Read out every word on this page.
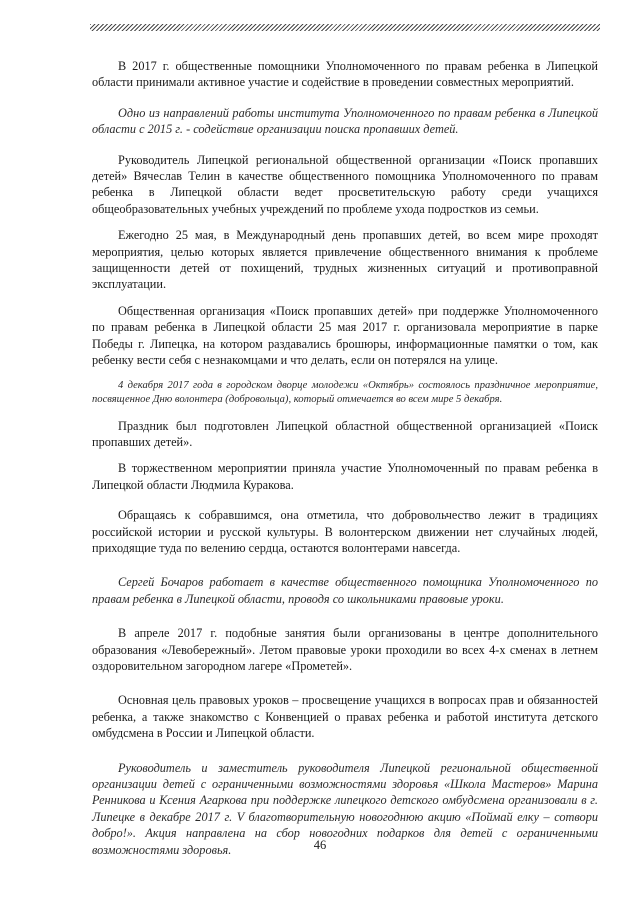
В 2017 г. общественные помощники Уполномоченного по правам ребенка в Липецкой области принимали активное участие и содействие в проведении совместных мероприятий.

Одно из направлений работы института Уполномоченного по правам ребенка в Липецкой области с 2015 г. - содействие организации поиска пропавших детей.

Руководитель Липецкой региональной общественной организации «Поиск пропавших детей» Вячеслав Телин в качестве общественного помощника Уполномоченного по правам ребенка в Липецкой области ведет просветительскую работу среди учащихся общеобразовательных учебных учреждений по проблеме ухода подростков из семьи.

Ежегодно 25 мая, в Международный день пропавших детей, во всем мире проходят мероприятия, целью которых является привлечение общественного внимания к проблеме защищенности детей от похищений, трудных жизненных ситуаций и противоправной эксплуатации.

Общественная организация «Поиск пропавших детей» при поддержке Уполномоченного по правам ребенка в Липецкой области 25 мая 2017 г. организовала мероприятие в парке Победы г. Липецка, на котором раздавались брошюры, информационные памятки о том, как ребенку вести себя с незнакомцами и что делать, если он потерялся на улице.

4 декабря 2017 года в городском дворце молодежи «Октябрь» состоялось праздничное мероприятие, посвященное Дню волонтера (добровольца), который отмечается во всем мире 5 декабря.

Праздник был подготовлен Липецкой областной общественной организацией «Поиск пропавших детей».

В торжественном мероприятии приняла участие Уполномоченный по правам ребенка в Липецкой области Людмила Куракова.

Обращаясь к собравшимся, она отметила, что добровольчество лежит в традициях российской истории и русской культуры. В волонтерском движении нет случайных людей, приходящие туда по велению сердца, остаются волонтерами навсегда.

Сергей Бочаров работает в качестве общественного помощника Уполномоченного по правам ребенка в Липецкой области, проводя со школьниками правовые уроки.

В апреле 2017 г. подобные занятия были организованы в центре дополнительного образования «Левобережный». Летом правовые уроки проходили во всех 4-х сменах в летнем оздоровительном загородном лагере «Прометей».

Основная цель правовых уроков – просвещение учащихся в вопросах прав и обязанностей ребенка, а также знакомство с Конвенцией о правах ребенка и работой института детского омбудсмена в России и Липецкой области.

Руководитель и заместитель руководителя Липецкой региональной общественной организации детей с ограниченными возможностями здоровья «Школа Мастеров» Марина Ренникова и Ксения Агаркова при поддержке липецкого детского омбудсмена организовали в г. Липецке в декабре 2017 г. V благотворительную новогоднюю акцию «Поймай елку – сотвори добро!». Акция направлена на сбор новогодних подарков для детей с ограниченными возможностями здоровья.	46
